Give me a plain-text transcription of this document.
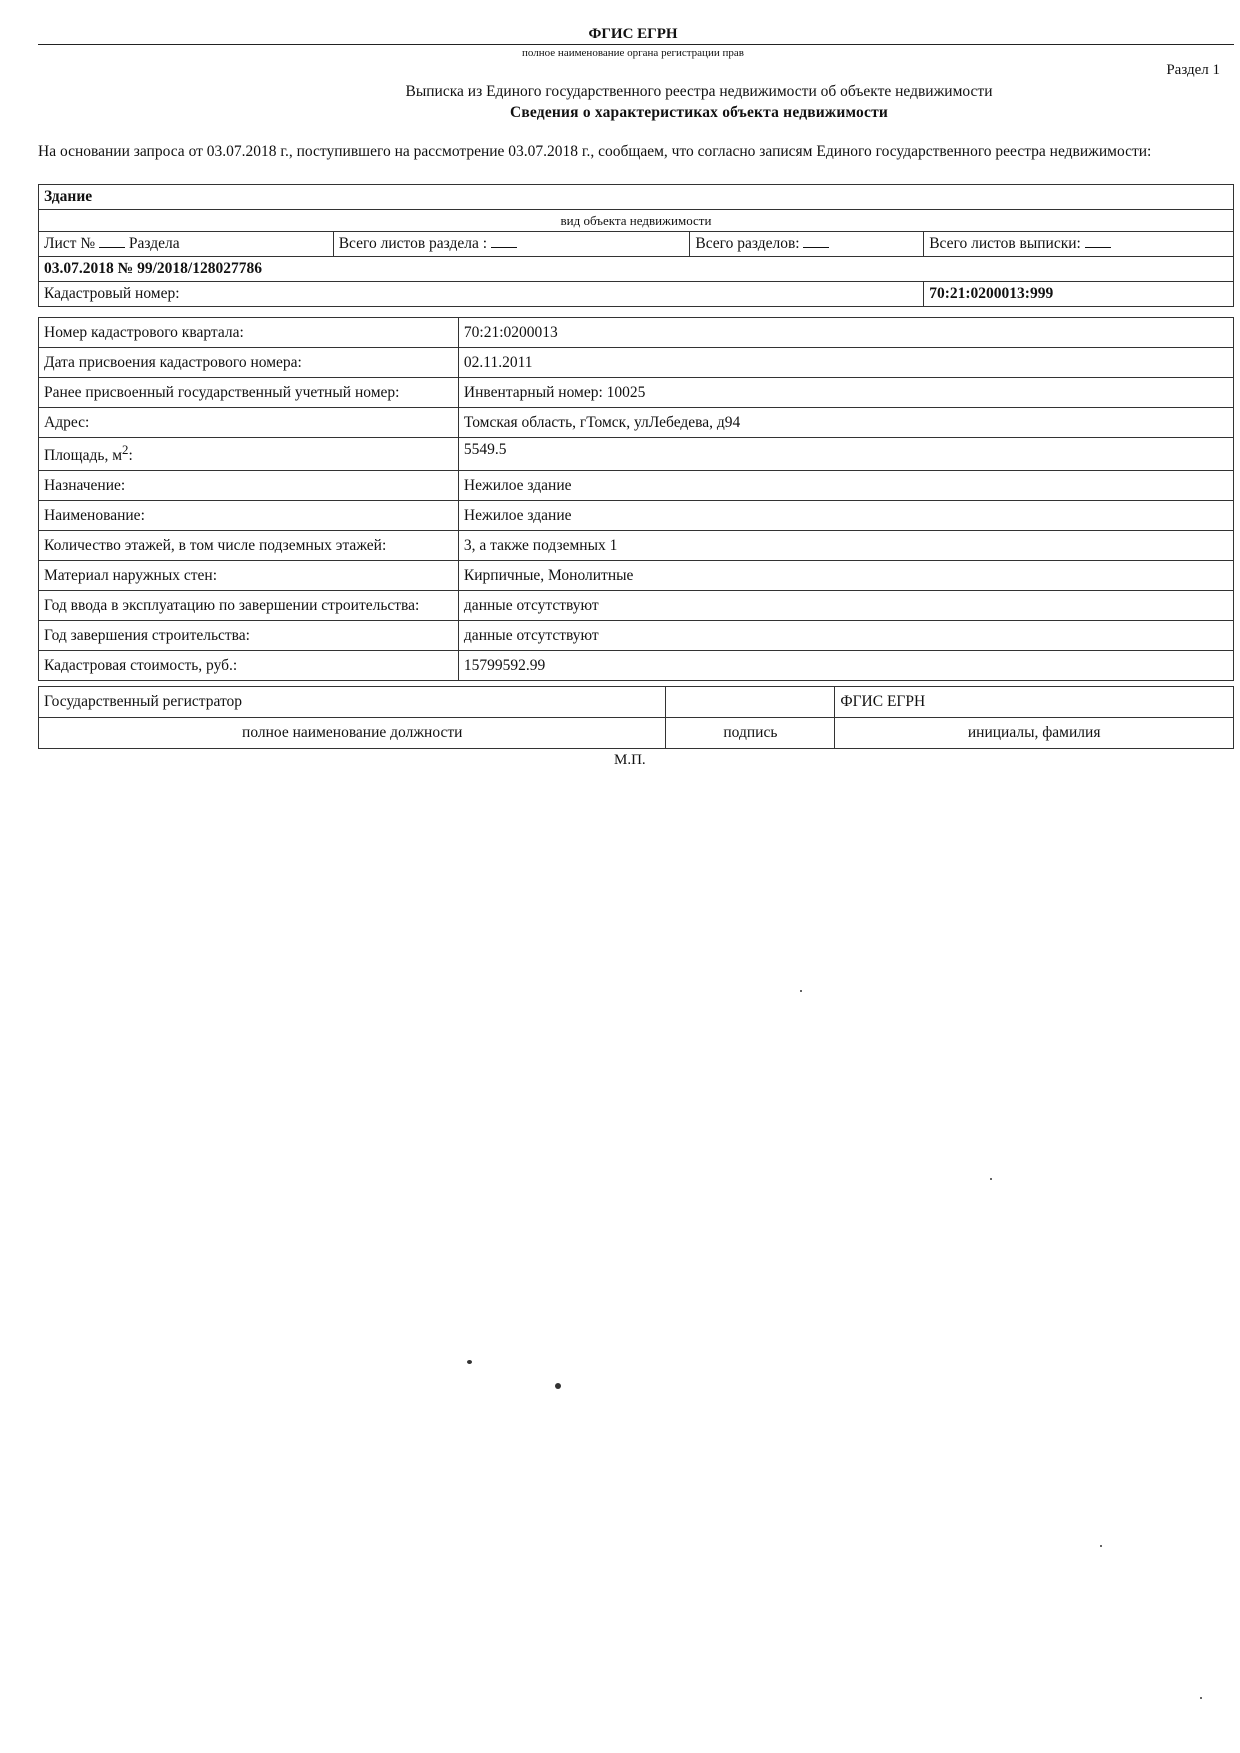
ФГИС ЕГРН
полное наименование органа регистрации прав
Раздел 1
Выписка из Единого государственного реестра недвижимости об объекте недвижимости
Сведения о характеристиках объекта недвижимости
На основании запроса от 03.07.2018 г., поступившего на рассмотрение 03.07.2018 г., сообщаем, что согласно записям Единого государственного реестра недвижимости:
Здание			
вид объекта недвижимости			
Лист № Раздела	Всего листов раздела :	Всего разделов:	Всего листов выписки:
03.07.2018 № 99/2018/128027786			
Кадастровый номер:			70:21:0200013:999
Номер кадастрового квартала:	70:21:0200013
Дата присвоения кадастрового номера:	02.11.2011
Ранее присвоенный государственный учетный номер:	Инвентарный номер: 10025
Адрес:	Томская область, гТомск, улЛебедева, д94
Площадь, $м^2$:	5549.5
Назначение:	Нежилое здание
Наименование:	Нежилое здание
Количество этажей, в том числе подземных этажей:	3, а также подземных 1
Материал наружных стен:	Кирпичные, Монолитные
Год ввода в эксплуатацию по завершении строительства:	данные отсутствуют
Год завершения строительства:	данные отсутствуют
Кадастровая стоимость, руб.:	15799592.99
Государственный регистратор		ФГИС ЕГРН
полное наименование должности	подпись	инициалы, фамилия
М.П.
